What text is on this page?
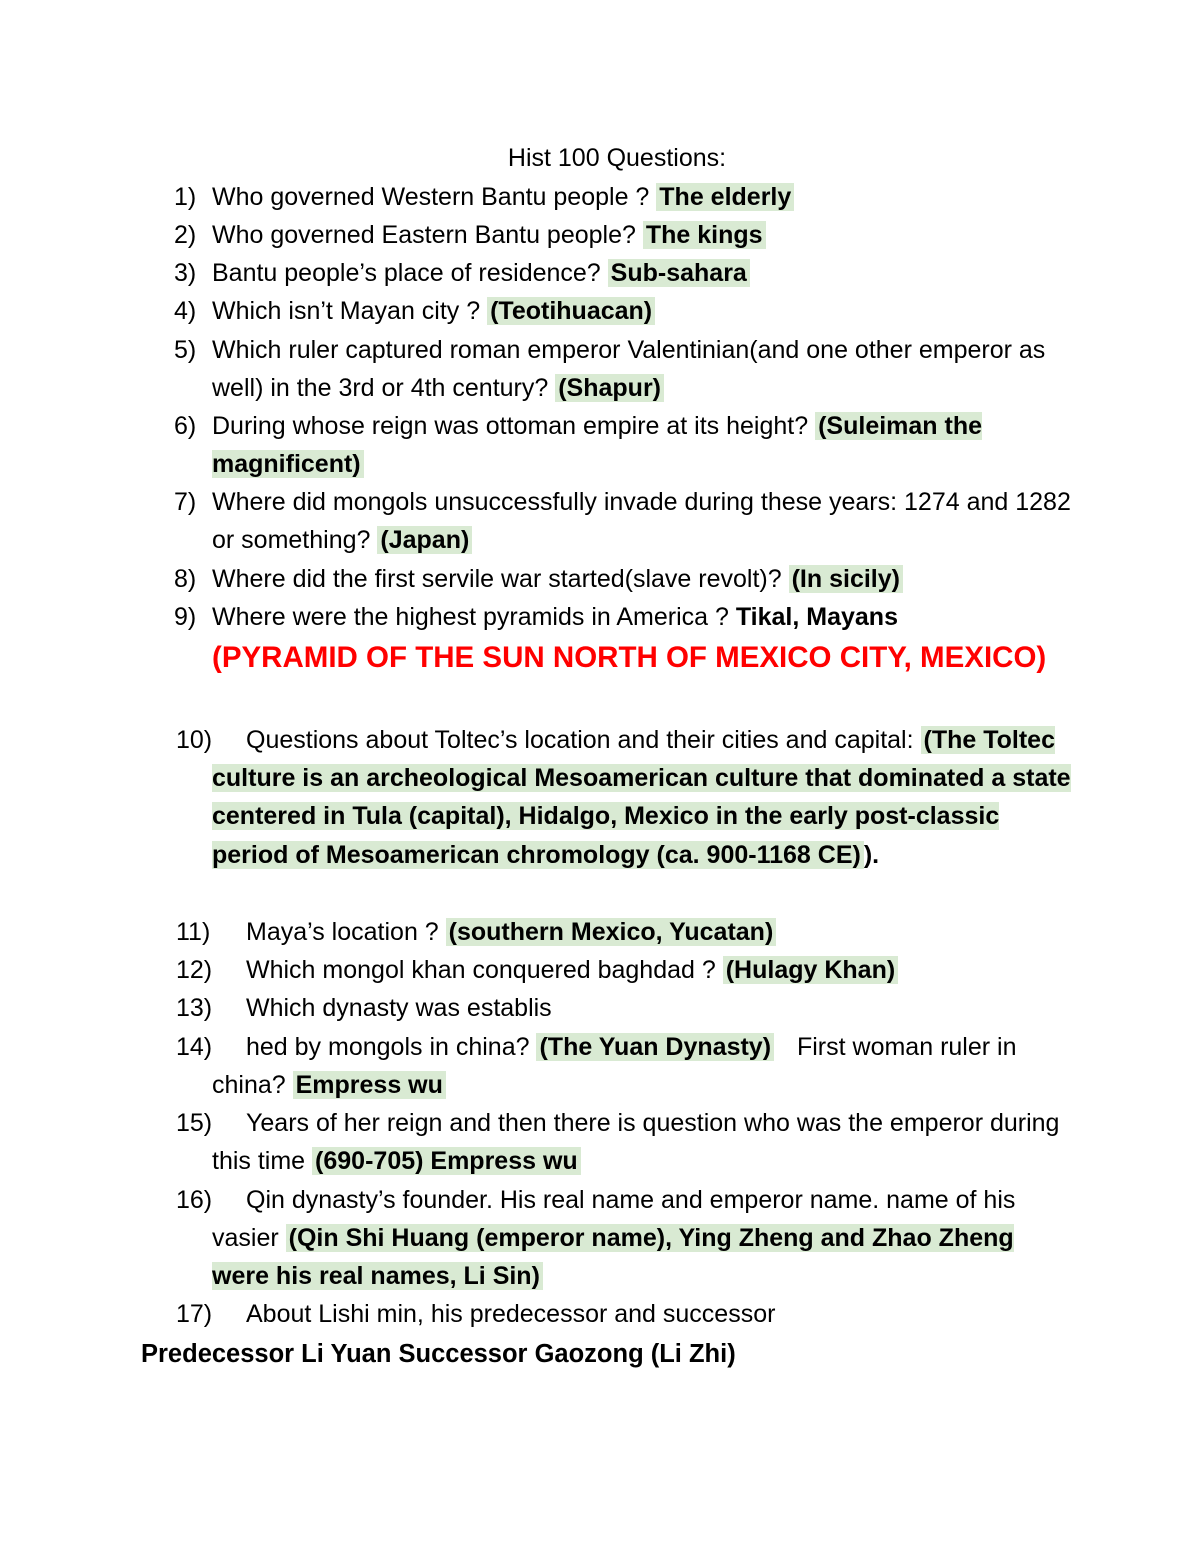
Hist 100 Questions:
1) Who governed Western Bantu people ? The elderly
2) Who governed Eastern Bantu people? The kings
3) Bantu people’s place of residence? Sub-sahara
4) Which isn’t Mayan city ? (Teotihuacan)
5) Which ruler captured roman emperor Valentinian(and one other emperor as well) in the 3rd or 4th century? (Shapur)
6) During whose reign was ottoman empire at its height? (Suleiman the magnificent)
7) Where did mongols unsuccessfully invade during these years: 1274 and 1282 or something? (Japan)
8) Where did the first servile war started(slave revolt)? (In sicily)
9) Where were the highest pyramids in America ? Tikal, Mayans
(PYRAMID OF THE SUN NORTH OF MEXICO CITY, MEXICO)
10) Questions about Toltec’s location and their cities and capital: (The Toltec culture is an archeological Mesoamerican culture that dominated a state centered in Tula (capital), Hidalgo, Mexico in the early post-classic period of Mesoamerican chromology (ca. 900-1168 CE) ).
11) Maya’s location ? (southern Mexico, Yucatan)
12) Which mongol khan conquered baghdad ? (Hulagy Khan)
13) Which dynasty was establis
14) hed by mongols in china? (The Yuan Dynasty) First woman ruler in china? Empress wu
15) Years of her reign and then there is question who was the emperor during this time (690-705) Empress wu
16) Qin dynasty’s founder. His real name and emperor name. name of his vasier (Qin Shi Huang (emperor name), Ying Zheng and Zhao Zheng were his real names, Li Sin)
17) About Lishi min, his predecessor and successor
Predecessor Li Yuan Successor Gaozong (Li Zhi)
